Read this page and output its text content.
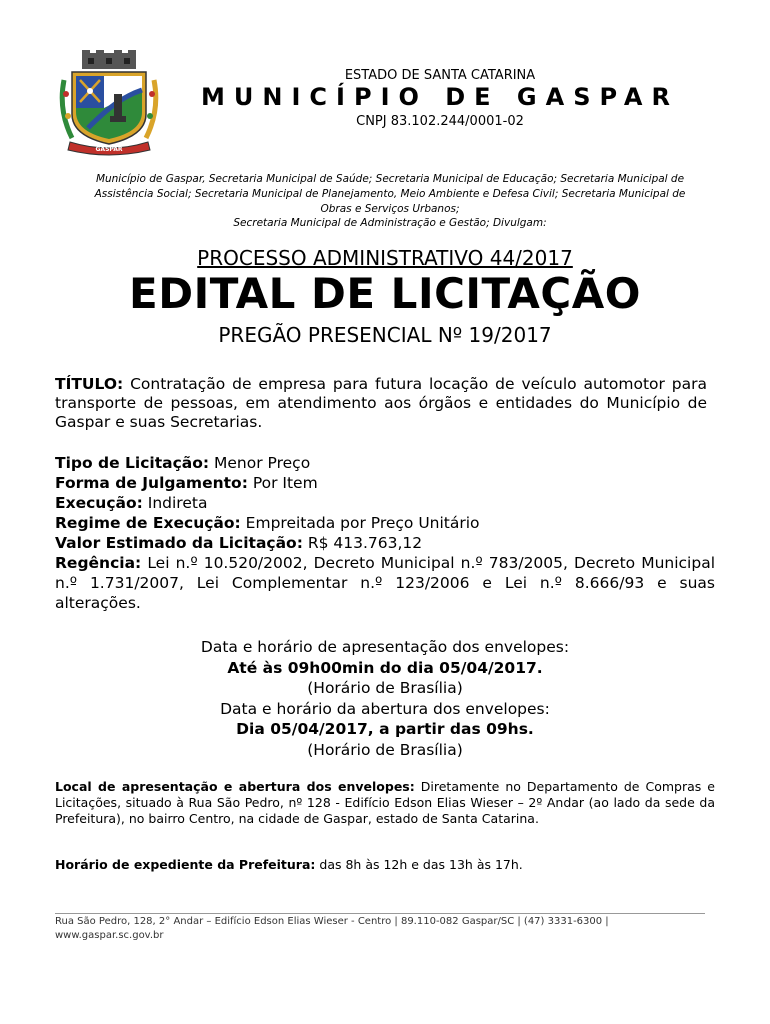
GASPAR
ESTADO DE SANTA CATARINA
MUNICÍPIO DE GASPAR
CNPJ 83.102.244/0001-02
Município de Gaspar, Secretaria Municipal de Saúde; Secretaria Municipal de Educação; Secretaria Municipal de Assistência Social; Secretaria Municipal de Planejamento, Meio Ambiente e Defesa Civil; Secretaria Municipal de Obras e Serviços Urbanos;
Secretaria Municipal de Administração e Gestão; Divulgam:
PROCESSO ADMINISTRATIVO 44/2017
EDITAL DE LICITAÇÃO
PREGÃO PRESENCIAL Nº 19/2017
TÍTULO: Contratação de empresa para futura locação de veículo automotor para transporte de pessoas, em atendimento aos órgãos e entidades do Município de Gaspar e suas Secretarias.
Tipo de Licitação: Menor Preço
Forma de Julgamento: Por Item
Execução: Indireta
Regime de Execução: Empreitada por Preço Unitário
Valor Estimado da Licitação: R$ 413.763,12
Regência: Lei n.º 10.520/2002, Decreto Municipal n.º 783/2005, Decreto Municipal n.º 1.731/2007, Lei Complementar n.º 123/2006 e Lei n.º 8.666/93 e suas alterações.
Data e horário de apresentação dos envelopes:
Até às 09h00min do dia 05/04/2017.
(Horário de Brasília)
Data e horário da abertura dos envelopes:
Dia 05/04/2017, a partir das 09hs.
(Horário de Brasília)
Local de apresentação e abertura dos envelopes: Diretamente no Departamento de Compras e Licitações, situado à Rua São Pedro, nº 128 - Edifício Edson Elias Wieser – 2º Andar (ao lado da sede da Prefeitura), no bairro Centro, na cidade de Gaspar, estado de Santa Catarina.
Horário de expediente da Prefeitura: das 8h às 12h e das 13h às 17h.
Rua São Pedro, 128, 2° Andar – Edifício Edson Elias Wieser - Centro | 89.110-082 Gaspar/SC | (47) 3331-6300 |
www.gaspar.sc.gov.br
